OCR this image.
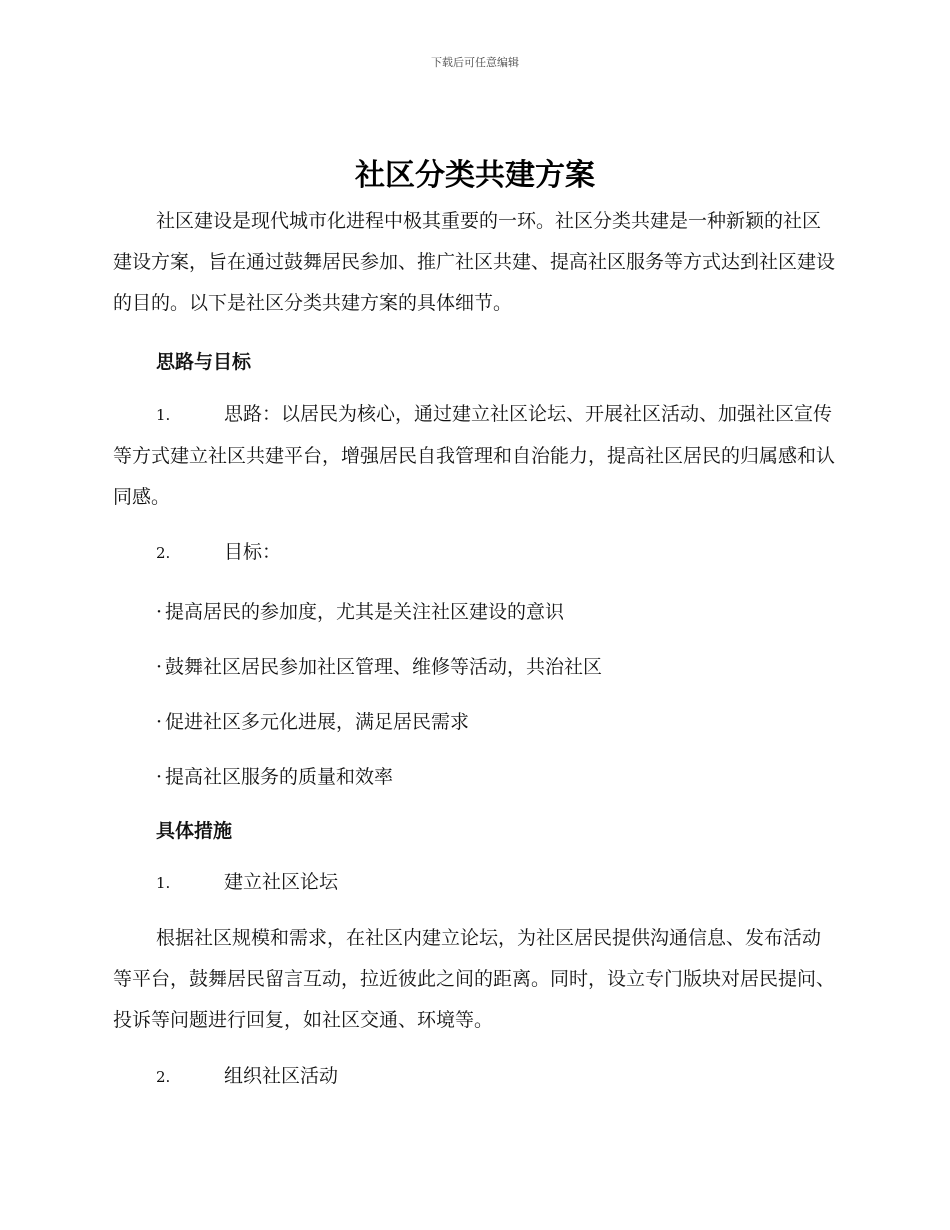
下载后可任意编辑
社区分类共建方案

社区建设是现代城市化进程中极其重要的一环。社区分类共建是一种新颖的社区建设方案，旨在通过鼓舞居民参加、推广社区共建、提高社区服务等方式达到社区建设的目的。以下是社区分类共建方案的具体细节。

思路与目标

1.	思路：以居民为核心，通过建立社区论坛、开展社区活动、加强社区宣传等方式建立社区共建平台，增强居民自我管理和自治能力，提高社区居民的归属感和认同感。

2.	目标：

· 提高居民的参加度，尤其是关注社区建设的意识

· 鼓舞社区居民参加社区管理、维修等活动，共治社区

· 促进社区多元化进展，满足居民需求

· 提高社区服务的质量和效率

具体措施

1.	建立社区论坛

根据社区规模和需求，在社区内建立论坛，为社区居民提供沟通信息、发布活动等平台，鼓舞居民留言互动，拉近彼此之间的距离。同时，设立专门版块对居民提问、投诉等问题进行回复，如社区交通、环境等。

2.	组织社区活动
